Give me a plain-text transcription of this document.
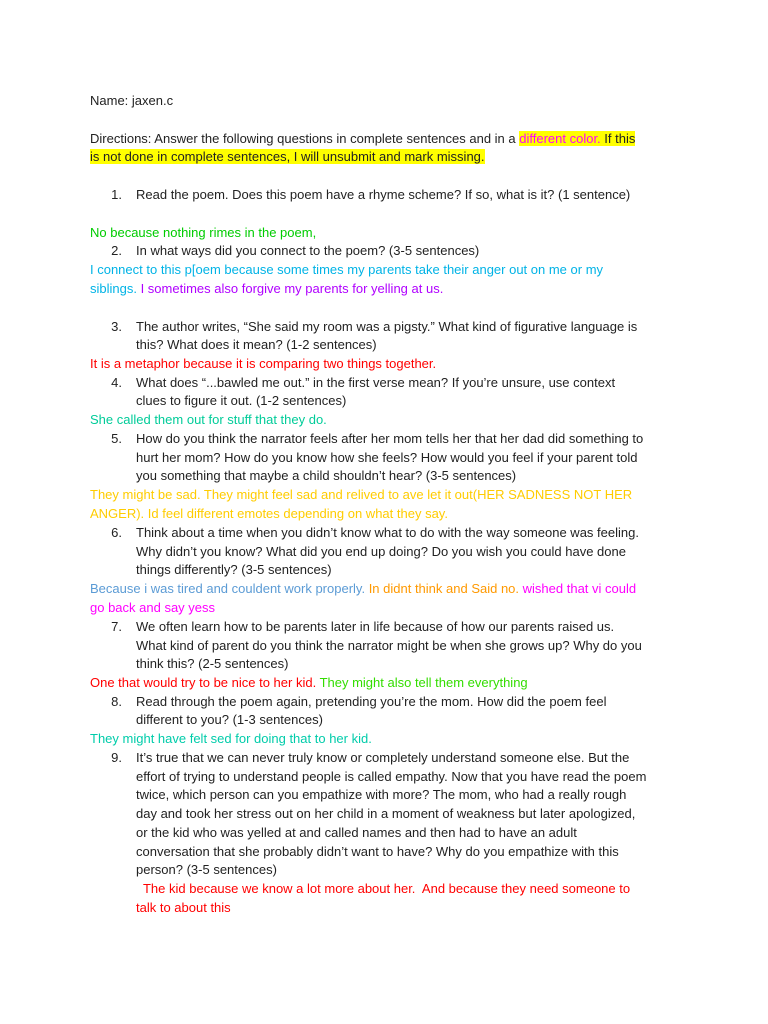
Name: jaxen.c
Directions: Answer the following questions in complete sentences and in a different color. If this
is not done in complete sentences, I will unsubmit and mark missing.
1. Read the poem. Does this poem have a rhyme scheme? If so, what is it? (1 sentence)
No because nothing rimes in the poem,
2. In what ways did you connect to the poem? (3-5 sentences)
I connect to this p[oem because some times my parents take their anger out on me or my
siblings. I sometimes also forgive my parents for yelling at us.
3. The author writes, “She said my room was a pigsty.” What kind of figurative language is
this? What does it mean? (1-2 sentences)
It is a metaphor because it is comparing two things together.
4. What does “...bawled me out.” in the first verse mean? If you’re unsure, use context
clues to figure it out. (1-2 sentences)
She called them out for stuff that they do.
5. How do you think the narrator feels after her mom tells her that her dad did something to
hurt her mom? How do you know how she feels? How would you feel if your parent told
you something that maybe a child shouldn’t hear? (3-5 sentences)
They might be sad. They might feel sad and relived to ave let it out(HER SADNESS NOT HER
ANGER). Id feel different emotes depending on what they say.
6. Think about a time when you didn’t know what to do with the way someone was feeling.
Why didn’t you know? What did you end up doing? Do you wish you could have done
things differently? (3-5 sentences)
Because i was tired and couldent work properly. In didnt think and Said no. wished that vi could
go back and say yess
7. We often learn how to be parents later in life because of how our parents raised us.
What kind of parent do you think the narrator might be when she grows up? Why do you
think this? (2-5 sentences)
One that would try to be nice to her kid. They might also tell them everything
8. Read through the poem again, pretending you’re the mom. How did the poem feel
different to you? (1-3 sentences)
They might have felt sed for doing that to her kid.
9. It’s true that we can never truly know or completely understand someone else. But the
effort of trying to understand people is called empathy. Now that you have read the poem
twice, which person can you empathize with more? The mom, who had a really rough
day and took her stress out on her child in a moment of weakness but later apologized,
or the kid who was yelled at and called names and then had to have an adult
conversation that she probably didn’t want to have? Why do you empathize with this
person? (3-5 sentences)
The kid because we know a lot more about her.  And because they need someone to
talk to about this
